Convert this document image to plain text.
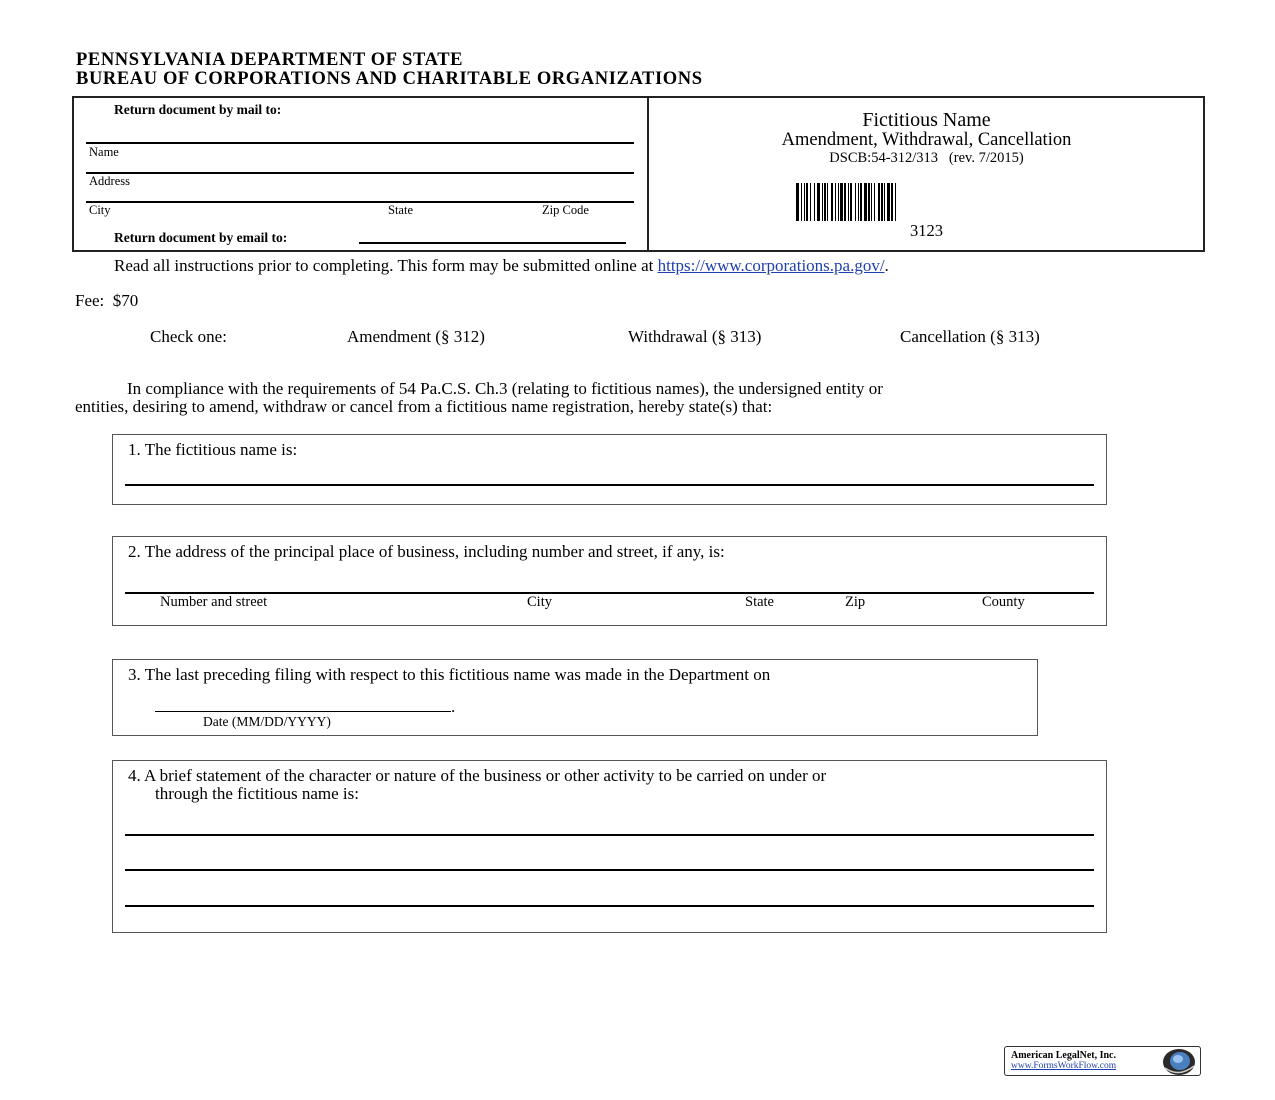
PENNSYLVANIA DEPARTMENT OF STATE
BUREAU OF CORPORATIONS AND CHARITABLE ORGANIZATIONS
Return document by mail to:
Name
Address
City	State	Zip Code
Return document by email to:
Fictitious Name
Amendment, Withdrawal, Cancellation
DSCB:54-312/313   (rev. 7/2015)
3123
Read all instructions prior to completing. This form may be submitted online at https://www.corporations.pa.gov/.
Fee:  $70
Check one:	Amendment (§ 312)	Withdrawal (§ 313)	Cancellation (§ 313)
In compliance with the requirements of 54 Pa.C.S. Ch.3 (relating to fictitious names), the undersigned entity or
entities, desiring to amend, withdraw or cancel from a fictitious name registration, hereby state(s) that:
1. The fictitious name is:
2. The address of the principal place of business, including number and street, if any, is:
Number and street	City	State	Zip	County
3. The last preceding filing with respect to this fictitious name was made in the Department on
.
Date (MM/DD/YYYY)
4. A brief statement of the character or nature of the business or other activity to be carried on under or
through the fictitious name is:
American LegalNet, Inc.
www.FormsWorkFlow.com
